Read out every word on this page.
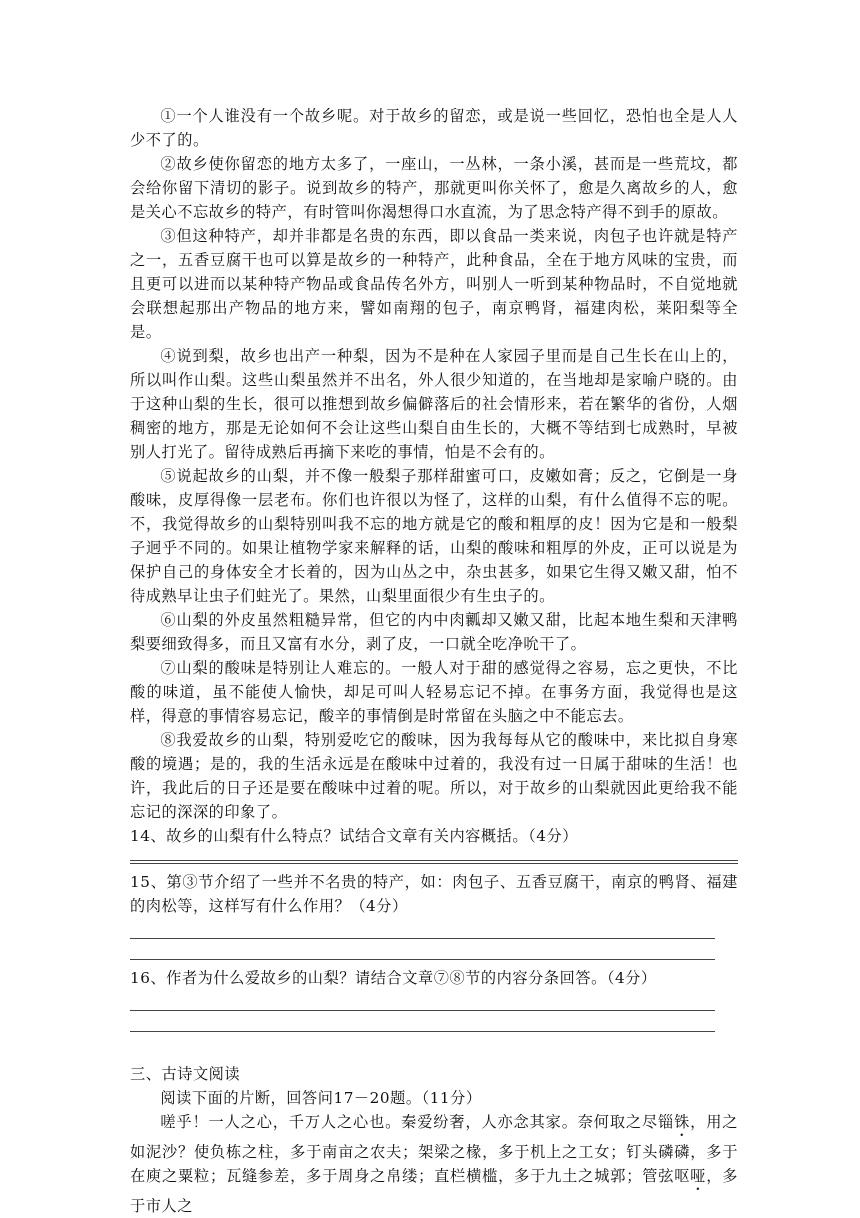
①一个人谁没有一个故乡呢。对于故乡的留恋，或是说一些回忆，恐怕也全是人人少不了的。

②故乡使你留恋的地方太多了，一座山，一丛林，一条小溪，甚而是一些荒坟，都会给你留下清切的影子。说到故乡的特产，那就更叫你关怀了，愈是久离故乡的人，愈是关心不忘故乡的特产，有时管叫你渴想得口水直流，为了思念特产得不到手的原故。

③但这种特产，却并非都是名贵的东西，即以食品一类来说，肉包子也许就是特产之一，五香豆腐干也可以算是故乡的一种特产，此种食品，全在于地方风味的宝贵，而且更可以进而以某种特产物品或食品传名外方，叫别人一听到某种物品时，不自觉地就会联想起那出产物品的地方来，譬如南翔的包子，南京鸭肾，福建肉松，莱阳梨等全是。

④说到梨，故乡也出产一种梨，因为不是种在人家园子里而是自己生长在山上的，所以叫作山梨。这些山梨虽然并不出名，外人很少知道的，在当地却是家喻户晓的。由于这种山梨的生长，很可以推想到故乡偏僻落后的社会情形来，若在繁华的省份，人烟稠密的地方，那是无论如何不会让这些山梨自由生长的，大概不等结到七成熟时，早被别人打光了。留待成熟后再摘下来吃的事情，怕是不会有的。

⑤说起故乡的山梨，并不像一般梨子那样甜蜜可口，皮嫩如膏；反之，它倒是一身酸味，皮厚得像一层老布。你们也许很以为怪了，这样的山梨，有什么值得不忘的呢。不，我觉得故乡的山梨特别叫我不忘的地方就是它的酸和粗厚的皮！因为它是和一般梨子迥乎不同的。如果让植物学家来解释的话，山梨的酸味和粗厚的外皮，正可以说是为保护自己的身体安全才长着的，因为山丛之中，杂虫甚多，如果它生得又嫩又甜，怕不待成熟早让虫子们蛀光了。果然，山梨里面很少有生虫子的。

⑥山梨的外皮虽然粗糙异常，但它的内中肉瓤却又嫩又甜，比起本地生梨和天津鸭梨要细致得多，而且又富有水分，剥了皮，一口就全吃净吮干了。

⑦山梨的酸味是特别让人难忘的。一般人对于甜的感觉得之容易，忘之更快，不比酸的味道，虽不能使人愉快，却足可叫人轻易忘记不掉。在事务方面，我觉得也是这样，得意的事情容易忘记，酸辛的事情倒是时常留在头脑之中不能忘去。

⑧我爱故乡的山梨，特别爱吃它的酸味，因为我每每从它的酸味中，来比拟自身寒酸的境遇；是的，我的生活永远是在酸味中过着的，我没有过一日属于甜味的生活！也许，我此后的日子还是要在酸味中过着的呢。所以，对于故乡的山梨就因此更给我不能忘记的深深的印象了。

14、故乡的山梨有什么特点？试结合文章有关内容概括。（4分）

15、第③节介绍了一些并不名贵的特产，如：肉包子、五香豆腐干，南京的鸭肾、福建的肉松等，这样写有什么作用？（4分）

16、作者为什么爱故乡的山梨？请结合文章⑦⑧节的内容分条回答。（4分）

三、古诗文阅读

阅读下面的片断，回答问17－20题。（11分）

嗟乎！一人之心，千万人之心也。秦爱纷奢，人亦念其家。奈何取之尽锱铢，用之如泥沙？使负栋之柱，多于南亩之农夫；架梁之椽，多于机上之工女；钉头磷磷，多于在庾之粟粒；瓦缝参差，多于周身之帛缕；直栏横槛，多于九土之城郭；管弦呕哑，多于市人之
